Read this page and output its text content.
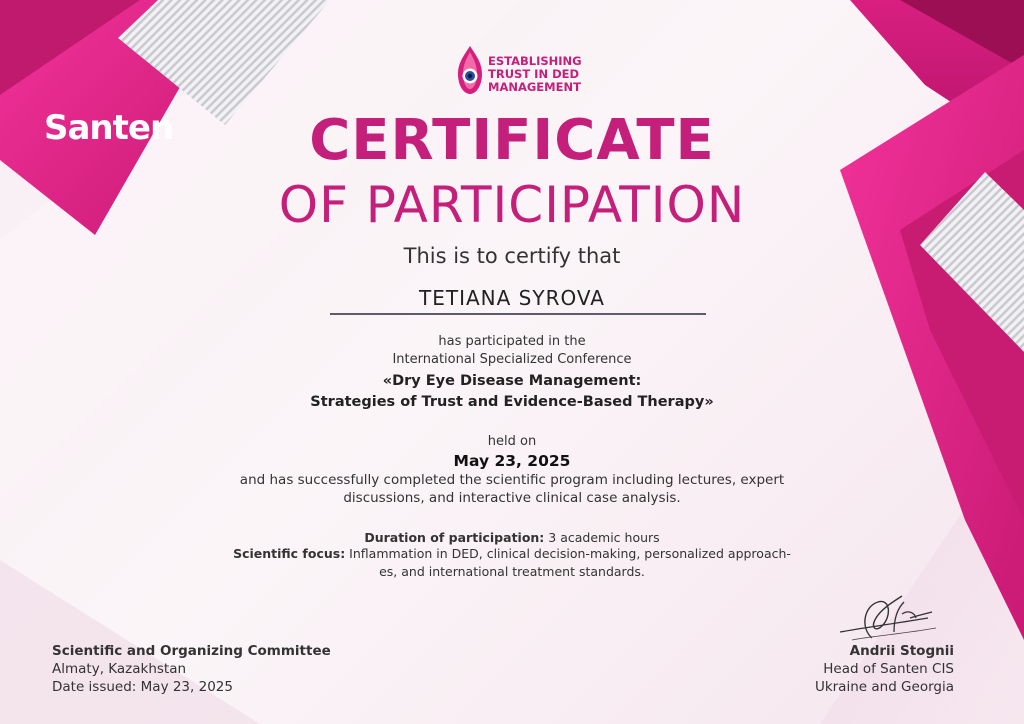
Santen
ESTABLISHING
TRUST IN DED
MANAGEMENT
CERTIFICATE
OF PARTICIPATION
This is to certify that
TETIANA SYROVA
has participated in the
International Specialized Conference
«Dry Eye Disease Management:
Strategies of Trust and Evidence-Based Therapy»
held on
May 23, 2025
and has successfully completed the scientific program including lectures, expert
discussions, and interactive clinical case analysis.
Duration of participation: 3 academic hours
Scientific focus: Inflammation in DED, clinical decision-making, personalized approach-
es, and international treatment standards.
Scientific and Organizing Committee
Almaty, Kazakhstan
Date issued: May 23, 2025
Andrii Stognii
Head of Santen CIS
Ukraine and Georgia
